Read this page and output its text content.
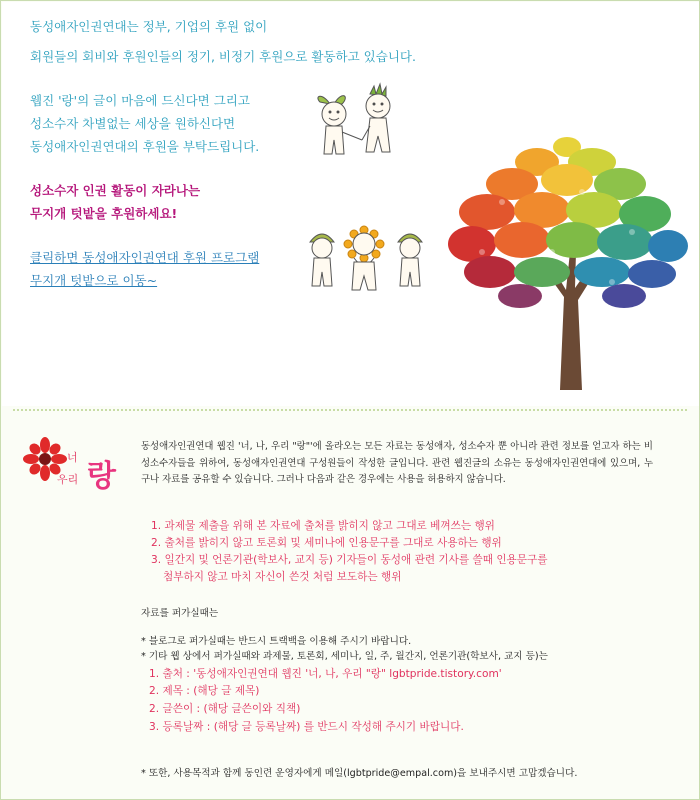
동성애자인권연대는 정부, 기업의 후원 없이
회원들의 회비와 후원인들의 정기, 비정기 후원으로 활동하고 있습니다.
웹진 '랑'의 글이 마음에 드신다면 그리고
성소수자 차별없는 세상을 원하신다면
동성애자인권연대의 후원을 부탁드립니다.
성소수자 인권 활동이 자라나는
무지개 텃밭을 후원하세요!
클릭하면 동성애자인권연대 후원 프로그램
무지개 텃밭으로 이동~
너
우리 랑
동성애자인권연대 웹진 '너, 나, 우리 "랑"'에 올라오는 모든 자료는 동성애자, 성소수자 뿐 아니라 관련 정보를 얻고자 하는 비성소수자들을 위하여, 동성애자인권연대 구성원들이 작성한 글입니다. 관련 웹진글의 소유는 동성애자인권연대에 있으며, 누구나 자료를 공유할 수 있습니다. 그러나 다음과 같은 경우에는 사용을 허용하지 않습니다.
1. 과제물 제출을 위해 본 자료에 출처를 밝히지 않고 그대로 베껴쓰는 행위
2. 출처를 밝히지 않고 토론회 및 세미나에 인용문구를 그대로 사용하는 행위
3. 일간지 및 언론기관(학보사, 교지 등) 기자들이 동성애 관련 기사를 쓸때 인용문구를
첨부하지 않고 마치 자신이 쓴것 처럼 보도하는 행위
자료를 퍼가실때는
* 블로그로 퍼가실때는 반드시 트랙백을 이용해 주시기 바랍니다.
* 기타 웹 상에서 퍼가실때와 과제물, 토론회, 세미나, 일, 주, 월간지, 언론기관(학보사, 교지 등)는
1. 출처 : '동성애자인권연대 웹진 '너, 나, 우리 "랑" lgbtpride.tistory.com'
2. 제목 : (해당 글 제목)
2. 글쓴이 : (해당 글쓴이와 직책)
3. 등록날짜 : (해당 글 등록날짜) 를 반드시 작성해 주시기 바랍니다.
* 또한, 사용목적과 함께 동인련 운영자에게 메일(lgbtpride@empal.com)을 보내주시면 고맙겠습니다.
